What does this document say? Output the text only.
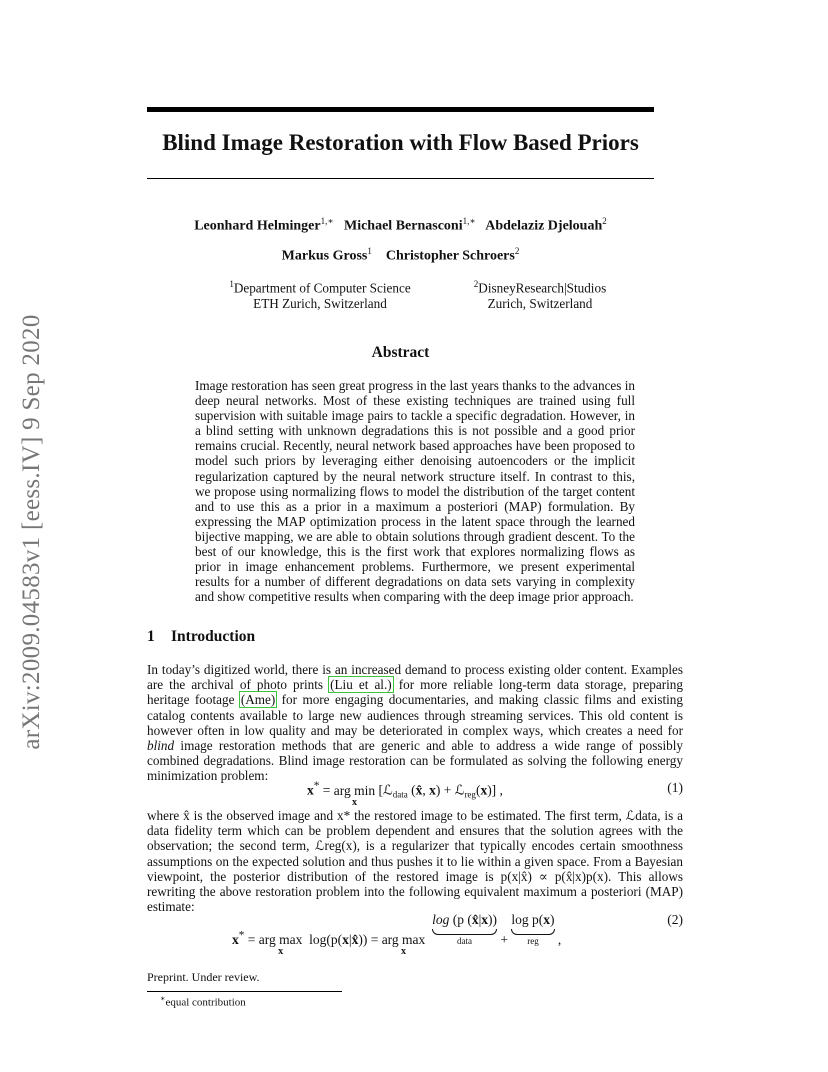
arXiv:2009.04583v1 [eess.IV] 9 Sep 2020
Blind Image Restoration with Flow Based Priors
Leonhard Helminger$^{1,∗}$ Michael Bernasconi$^{1,∗}$ Abdelaziz Djelouah$^2$
Markus Gross$^1$ Christopher Schroers$^2$
$^1$Department of Computer Science
ETH Zurich, Switzerland
$^2$DisneyResearch|Studios
Zurich, Switzerland
Abstract
Image restoration has seen great progress in the last years thanks to the advances in deep neural networks. Most of these existing techniques are trained using full supervision with suitable image pairs to tackle a specific degradation. However, in a blind setting with unknown degradations this is not possible and a good prior remains crucial. Recently, neural network based approaches have been proposed to model such priors by leveraging either denoising autoencoders or the implicit regularization captured by the neural network structure itself. In contrast to this, we propose using normalizing flows to model the distribution of the target content and to use this as a prior in a maximum a posteriori (MAP) formulation. By expressing the MAP optimization process in the latent space through the learned bijective mapping, we are able to obtain solutions through gradient descent. To the best of our knowledge, this is the first work that explores normalizing flows as prior in image enhancement problems. Furthermore, we present experimental results for a number of different degradations on data sets varying in complexity and show competitive results when comparing with the deep image prior approach.
1 Introduction
In today’s digitized world, there is an increased demand to process existing older content. Examples are the archival of photo prints (Liu et al.) for more reliable long-term data storage, preparing heritage footage (Ame) for more engaging documentaries, and making classic films and existing catalog contents available to large new audiences through streaming services. This old content is however often in low quality and may be deteriorated in complex ways, which creates a need for blind image restoration methods that are generic and able to address a wide range of possibly combined degradations. Blind image restoration can be formulated as solving the following energy minimization problem:
x* = arg min
x
[ℒ$_{data}$ (x̂, x) + ℒ$_{reg}$(x)] ,	(1)
where x̂ is the observed image and x* the restored image to be estimated. The first term, ℒdata, is a data fidelity term which can be problem dependent and ensures that the solution agrees with the observation; the second term, ℒreg(x), is a regularizer that typically encodes certain smoothness assumptions on the expected solution and thus pushes it to lie within a given space. From a Bayesian viewpoint, the posterior distribution of the restored image is p(x|x̂) ∝ p(x̂|x)p(x). This allows rewriting the above restoration problem into the following equivalent maximum a posteriori (MAP) estimate:
x* = arg max
x
log(p(x|x̂)) = arg max
x
log (p (x̂|x))
data	+ log p(x)
reg	,
(2)
Preprint. Under review.
∗equal contribution
